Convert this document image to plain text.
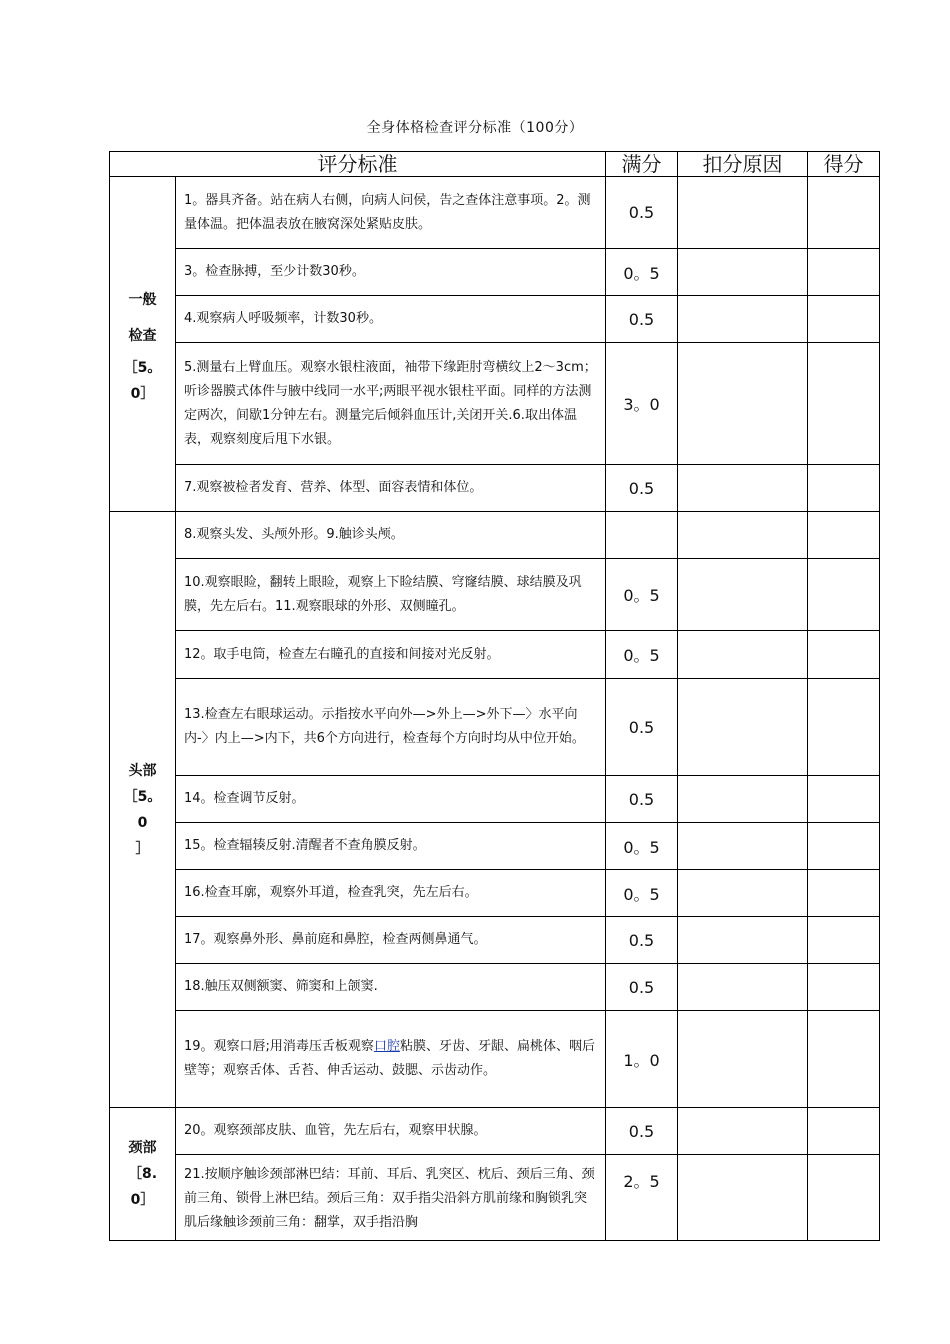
全身体格检查评分标准（100分）
评分标准		满分	扣分原因	得分

一般
检查
［5。
0］	1。器具齐备。站在病人右侧，向病人问侯，告之查体注意事项。2。测量体温。把体温表放在腋窝深处紧贴皮肤。	0.5		
	3。检查脉搏，至少计数30秒。	0。5		
	4.观察病人呼吸频率，计数30秒。	0.5		
	5.测量右上臂血压。观察水银柱液面，袖带下缘距肘弯横纹上2～3cm；听诊器膜式体件与腋中线同一水平;两眼平视水银柱平面。同样的方法测定两次，间歇1分钟左右。测量完后倾斜血压计,关闭开关.6.取出体温表，观察刻度后甩下水银。	3。0		
	7.观察被检者发育、营养、体型、面容表情和体位。	0.5		

头部
［5。0
］	8.观察头发、头颅外形。9.触诊头颅。			
	10.观察眼睑，翻转上眼睑，观察上下睑结膜、穹窿结膜、球结膜及巩膜，先左后右。11.观察眼球的外形、双侧瞳孔。	0。5		
	12。取手电筒，检查左右瞳孔的直接和间接对光反射。	0。5		
	13.检查左右眼球运动。示指按水平向外—>外上—>外下—〉水平向内-〉内上—>内下，共6个方向进行，检查每个方向时均从中位开始。	0.5		
	14。检查调节反射。	0.5		
	15。检查辐辏反射.清醒者不查角膜反射。	0。5		
	16.检查耳廓，观察外耳道，检查乳突，先左后右。	0。5		
	17。观察鼻外形、鼻前庭和鼻腔，检查两侧鼻通气。	0.5		
	18.触压双侧额窦、筛窦和上颌窦.	0.5		
	19。观察口唇;用消毒压舌板观察口腔粘膜、牙齿、牙龈、扁桃体、咽后壁等；观察舌体、舌苔、伸舌运动、鼓腮、示齿动作。	1。0		

颈部
［8.
0］	20。观察颈部皮肤、血管，先左后右，观察甲状腺。	0.5		
	21.按顺序触诊颈部淋巴结：耳前、耳后、乳突区、枕后、颈后三角、颈前三角、锁骨上淋巴结。颈后三角：双手指尖沿斜方肌前缘和胸锁乳突肌后缘触诊颈前三角：翻掌，双手指沿胸	2。5		
